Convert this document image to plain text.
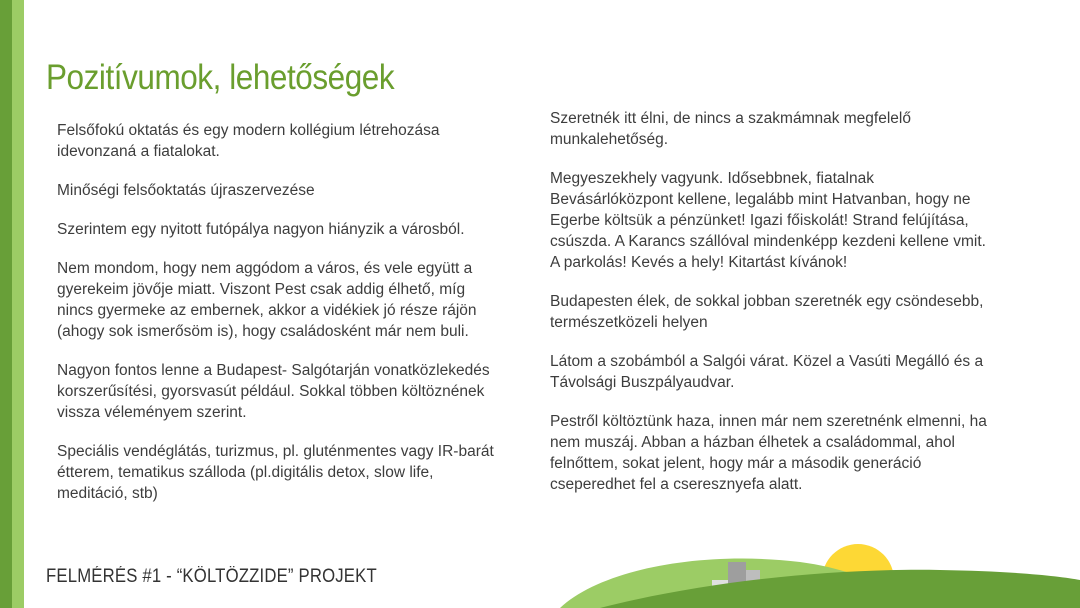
Pozitívumok, lehetőségek

Felsőfokú oktatás és egy modern kollégium létrehozása idevonzaná a fiatalokat.

Minőségi felsőoktatás újraszervezése

Szerintem egy nyitott futópálya nagyon hiányzik a városból.

Nem mondom, hogy nem aggódom a város, és vele együtt a gyerekeim jövője miatt. Viszont Pest csak addig élhető, míg nincs gyermeke az embernek, akkor a vidékiek jó része rájön (ahogy sok ismerősöm is), hogy családosként már nem buli.

Nagyon fontos lenne a Budapest- Salgótarján vonatközlekedés korszerűsítési, gyorsvasút például. Sokkal többen költöznének vissza véleményem szerint.

Speciális vendéglátás, turizmus, pl. gluténmentes vagy IR-barát étterem, tematikus szálloda (pl.digitális detox, slow life, meditáció, stb)

Szeretnék itt élni, de nincs a szakmámnak megfelelő munkalehetőség.

Megyeszekhely vagyunk. Idősebbnek, fiatalnak Bevásárlóközpont kellene, legalább mint Hatvanban, hogy ne Egerbe költsük a pénzünket! Igazi főiskolát! Strand felújítása, csúszda. A Karancs szállóval mindenképp kezdeni kellene vmit. A parkolás! Kevés a hely! Kitartást kívánok!

Budapesten élek, de sokkal jobban szeretnék egy csöndesebb, természetközeli helyen

Látom a szobámból a Salgói várat. Közel a Vasúti Megálló és a Távolsági Buszpályaudvar.

Pestről költöztünk haza, innen már nem szeretnénk elmenni, ha nem muszáj. Abban a házban élhetek a családommal, ahol felnőttem, sokat jelent, hogy már a második generáció cseperedhet fel a cseresznyefa alatt.

FELMÉRÉS #1 - “KÖLTÖZZIDE” PROJEKT
